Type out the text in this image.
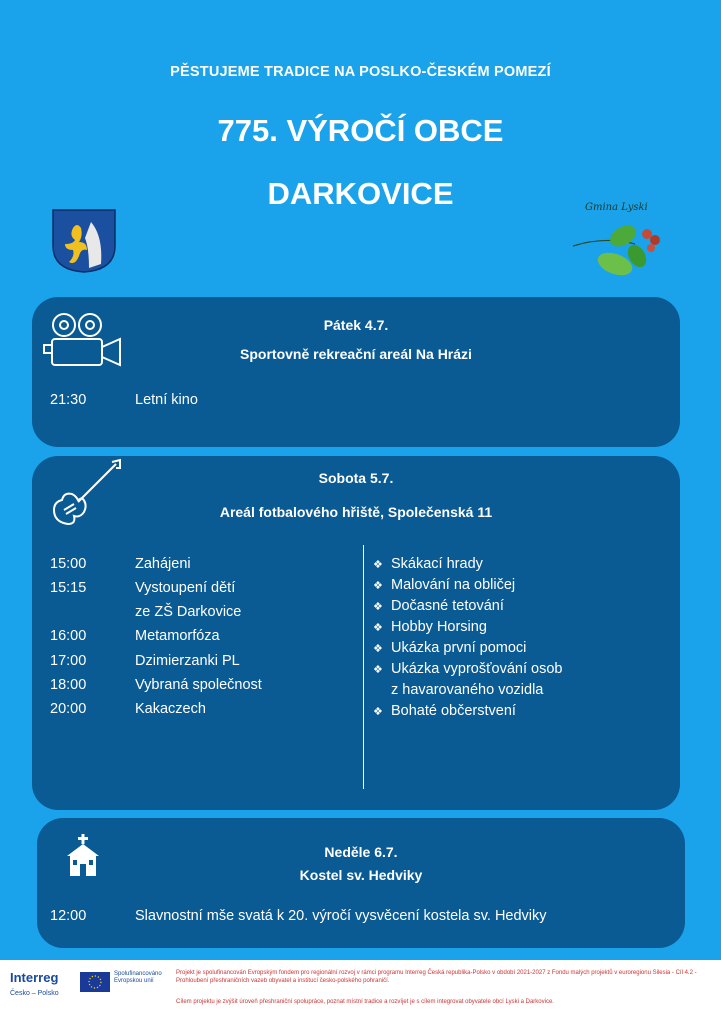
PĚSTUJEME TRADICE NA POSLKO-ČESKÉM POMEZÍ
775. VÝROČÍ OBCE
DARKOVICE	Gmina Lyski
Pátek 4.7.
Sportovně rekreační areál Na Hrázi
21:30	Letní kino
Sobota 5.7.
Areál fotbalového hřiště, Společenská 11
15:00	Zahájeni
15:15	Vystoupení dětí
ze ZŠ Darkovice
16:00	Metamorfóza
17:00	Dzimierzanki PL
18:00	Vybraná společnost
20:00	Kakaczech
❖ Skákací hrady
❖ Malování na obličej
❖ Dočasné tetování
❖ Hobby Horsing
❖ Ukázka první pomoci
❖ Ukázka vyprošťování osob
z havarovaného vozidla
❖ Bohaté občerstvení
Neděle 6.7.
Kostel sv. Hedviky
12:00	Slavnostní mše svatá k 20. výročí vysvěcení kostela sv. Hedviky
Interreg
Česko – Polsko
Spolufinancováno Evropskou unií
Projekt je spolufinancován Evropským fondem pro regionální rozvoj v rámci programu Interreg Česká republika-Polsko v období 2021-2027 z Fondu malých projektů v euroregionu Silesia - Cíl 4.2 - Prohloubení přeshraničních vazeb obyvatel a institucí česko-polského pohraničí.
Cílem projektu je zvýšit úroveň přeshraniční spolupráce, poznat místní tradice a rozvíjet je s cílem integrovat obyvatele obcí Lyski a Darkovice.
